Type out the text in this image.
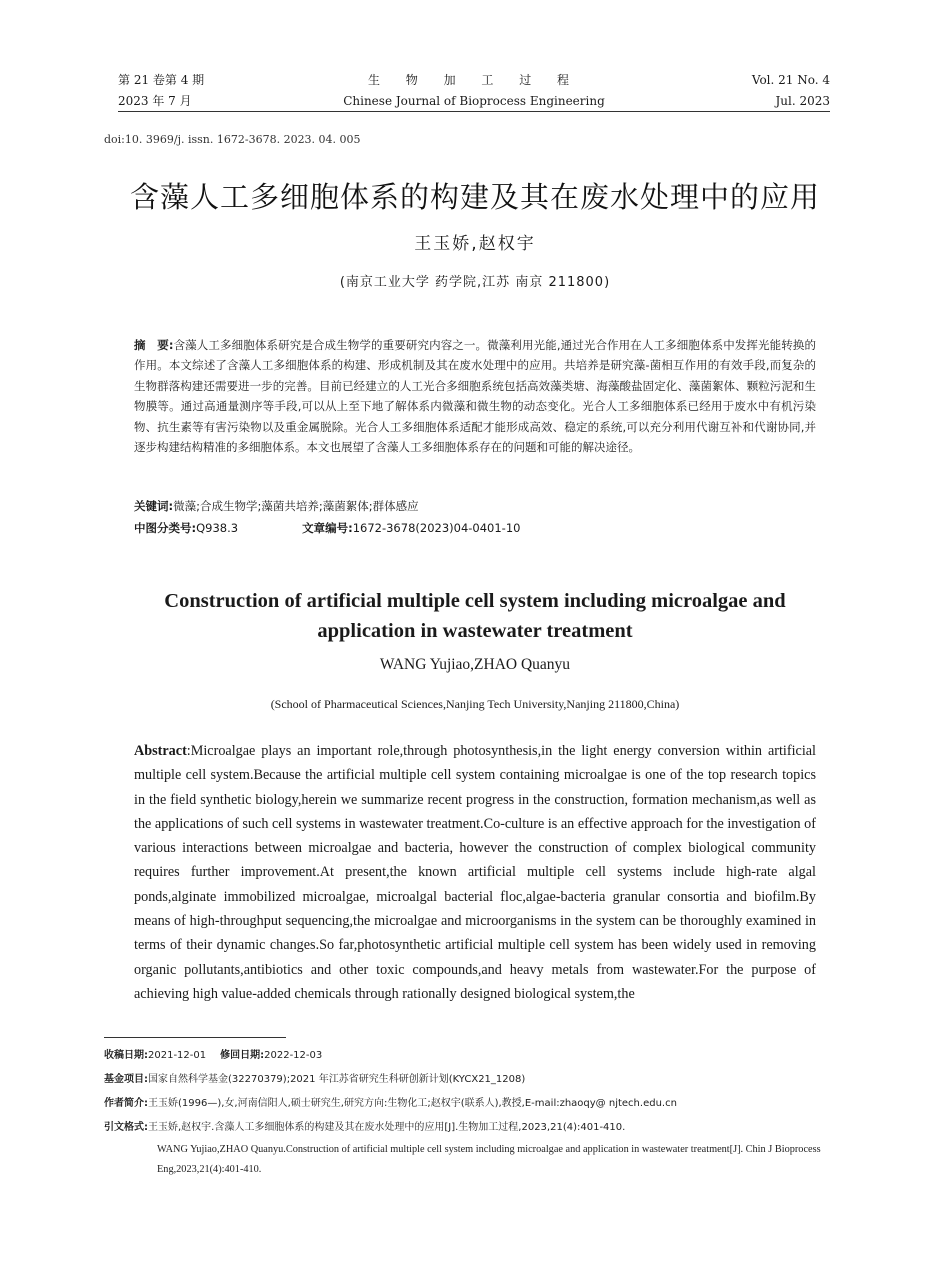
第 21 卷第 4 期
2023 年 7 月
生 物 加 工 过 程
Chinese Journal of Bioprocess Engineering
Vol. 21 No. 4
Jul. 2023
doi:10. 3969/j. issn. 1672-3678. 2023. 04. 005
含藻人工多细胞体系的构建及其在废水处理中的应用
王玉娇,赵权宇
(南京工业大学 药学院,江苏 南京 211800)
摘　要:含藻人工多细胞体系研究是合成生物学的重要研究内容之一。微藻利用光能,通过光合作用在人工多细胞体系中发挥光能转换的作用。本文综述了含藻人工多细胞体系的构建、形成机制及其在废水处理中的应用。共培养是研究藻-菌相互作用的有效手段,而复杂的生物群落构建还需要进一步的完善。目前已经建立的人工光合多细胞系统包括高效藻类塘、海藻酸盐固定化、藻菌絮体、颗粒污泥和生物膜等。通过高通量测序等手段,可以从上至下地了解体系内微藻和微生物的动态变化。光合人工多细胞体系已经用于废水中有机污染物、抗生素等有害污染物以及重金属脱除。光合人工多细胞体系适配才能形成高效、稳定的系统,可以充分利用代谢互补和代谢协同,并逐步构建结构精准的多细胞体系。本文也展望了含藻人工多细胞体系存在的问题和可能的解决途径。
关键词:微藻;合成生物学;藻菌共培养;藻菌絮体;群体感应
中图分类号:Q938.3	文章编号:1672-3678(2023)04-0401-10
Construction of artificial multiple cell system including microalgae and application in wastewater treatment
WANG Yujiao,ZHAO Quanyu
(School of Pharmaceutical Sciences,Nanjing Tech University,Nanjing 211800,China)
Abstract:Microalgae plays an important role,through photosynthesis,in the light energy conversion within artificial multiple cell system.Because the artificial multiple cell system containing microalgae is one of the top research topics in the field synthetic biology,herein we summarize recent progress in the construction, formation mechanism,as well as the applications of such cell systems in wastewater treatment.Co-culture is an effective approach for the investigation of various interactions between microalgae and bacteria, however the construction of complex biological community requires further improvement.At present,the known artificial multiple cell systems include high-rate algal ponds,alginate immobilized microalgae, microalgal bacterial floc,algae-bacteria granular consortia and biofilm.By means of high-throughput sequencing,the microalgae and microorganisms in the system can be thoroughly examined in terms of their dynamic changes.So far,photosynthetic artificial multiple cell system has been widely used in removing organic pollutants,antibiotics and other toxic compounds,and heavy metals from wastewater.For the purpose of achieving high value-added chemicals through rationally designed biological system,the
收稿日期:2021-12-01 修回日期:2022-12-03
基金项目:国家自然科学基金(32270379);2021 年江苏省研究生科研创新计划(KYCX21_1208)
作者简介:王玉娇(1996—),女,河南信阳人,硕士研究生,研究方向:生物化工;赵权宇(联系人),教授,E-mail:zhaoqy@ njtech.edu.cn
引文格式:王玉娇,赵权宇.含藻人工多细胞体系的构建及其在废水处理中的应用[J].生物加工过程,2023,21(4):401-410.
WANG Yujiao,ZHAO Quanyu.Construction of artificial multiple cell system including microalgae and application in wastewater treatment[J]. Chin J Bioprocess Eng,2023,21(4):401-410.
